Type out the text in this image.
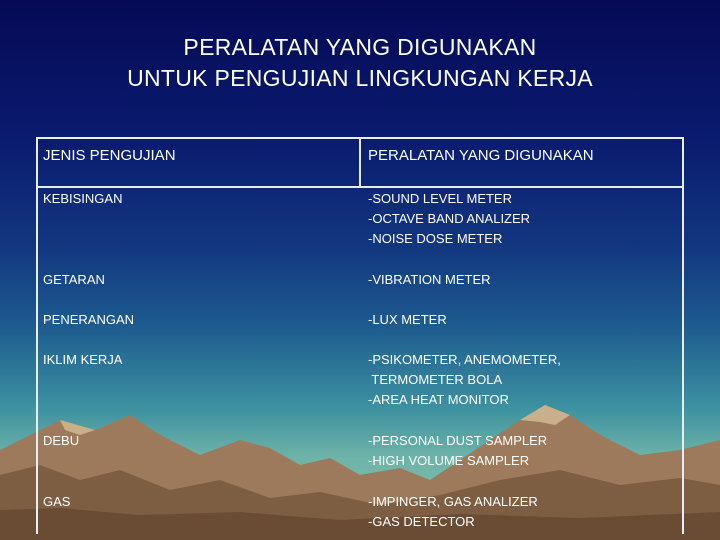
PERALATAN YANG DIGUNAKAN
UNTUK PENGUJIAN LINGKUNGAN KERJA
JENIS PENGUJIAN	PERALATAN YANG DIGUNAKAN
KEBISINGAN	-SOUND LEVEL METER
-OCTAVE BAND ANALIZER
-NOISE DOSE METER
GETARAN	-VIBRATION METER
PENERANGAN	-LUX METER
IKLIM KERJA	-PSIKOMETER, ANEMOMETER,
TERMOMETER BOLA
-AREA HEAT MONITOR
DEBU	-PERSONAL DUST SAMPLER
-HIGH VOLUME SAMPLER
GAS	-IMPINGER, GAS ANALIZER
-GAS DETECTOR
